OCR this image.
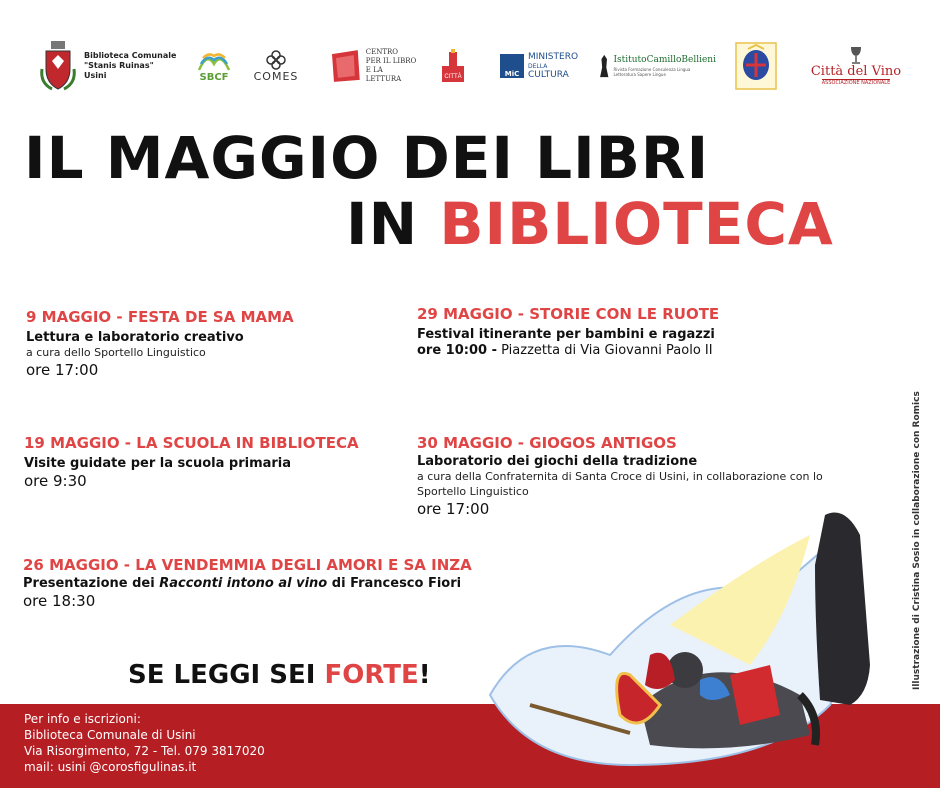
Biblioteca Comunale
"Stanis Ruinas"
Usini	SBCF COMES
CENTRO
PER IL LIBRO
E LA LETTURA	CITTÀ	MiC
MINISTERO
DELLA
CULTURA
IstitutoCamilloBellieni
Rivista Formazione Consulenza Lingua Letteratura Sapere Lingue	Città del Vino
ASSOCIAZIONE NAZIONALE
IL MAGGIO DEI LIBRI
IN BIBLIOTECA
9 MAGGIO - FESTA DE SA MAMA
Lettura e laboratorio creativo
a cura dello Sportello Linguistico
ore 17:00
29 MAGGIO - STORIE CON LE RUOTE
Festival itinerante per bambini e ragazzi
ore 10:00 - Piazzetta di Via Giovanni Paolo II
19 MAGGIO - LA SCUOLA IN BIBLIOTECA
Visite guidate per la scuola primaria
ore 9:30
30 MAGGIO - GIOGOS ANTIGOS
Laboratorio dei giochi della tradizione
a cura della Confraternita di Santa Croce di Usini, in collaborazione con lo
Sportello Linguistico
ore 17:00
26 MAGGIO - LA VENDEMMIA DEGLI AMORI E SA INZA
Presentazione dei Racconti intono al vino di Francesco Fiori
ore 18:30
SE LEGGI SEI FORTE!
Per info e iscrizioni:
Biblioteca Comunale di Usini
Via Risorgimento, 72 - Tel. 079 3817020
mail: usini @corosfigulinas.it
Illustrazione di Cristina Sosio in collaborazione con Romics
